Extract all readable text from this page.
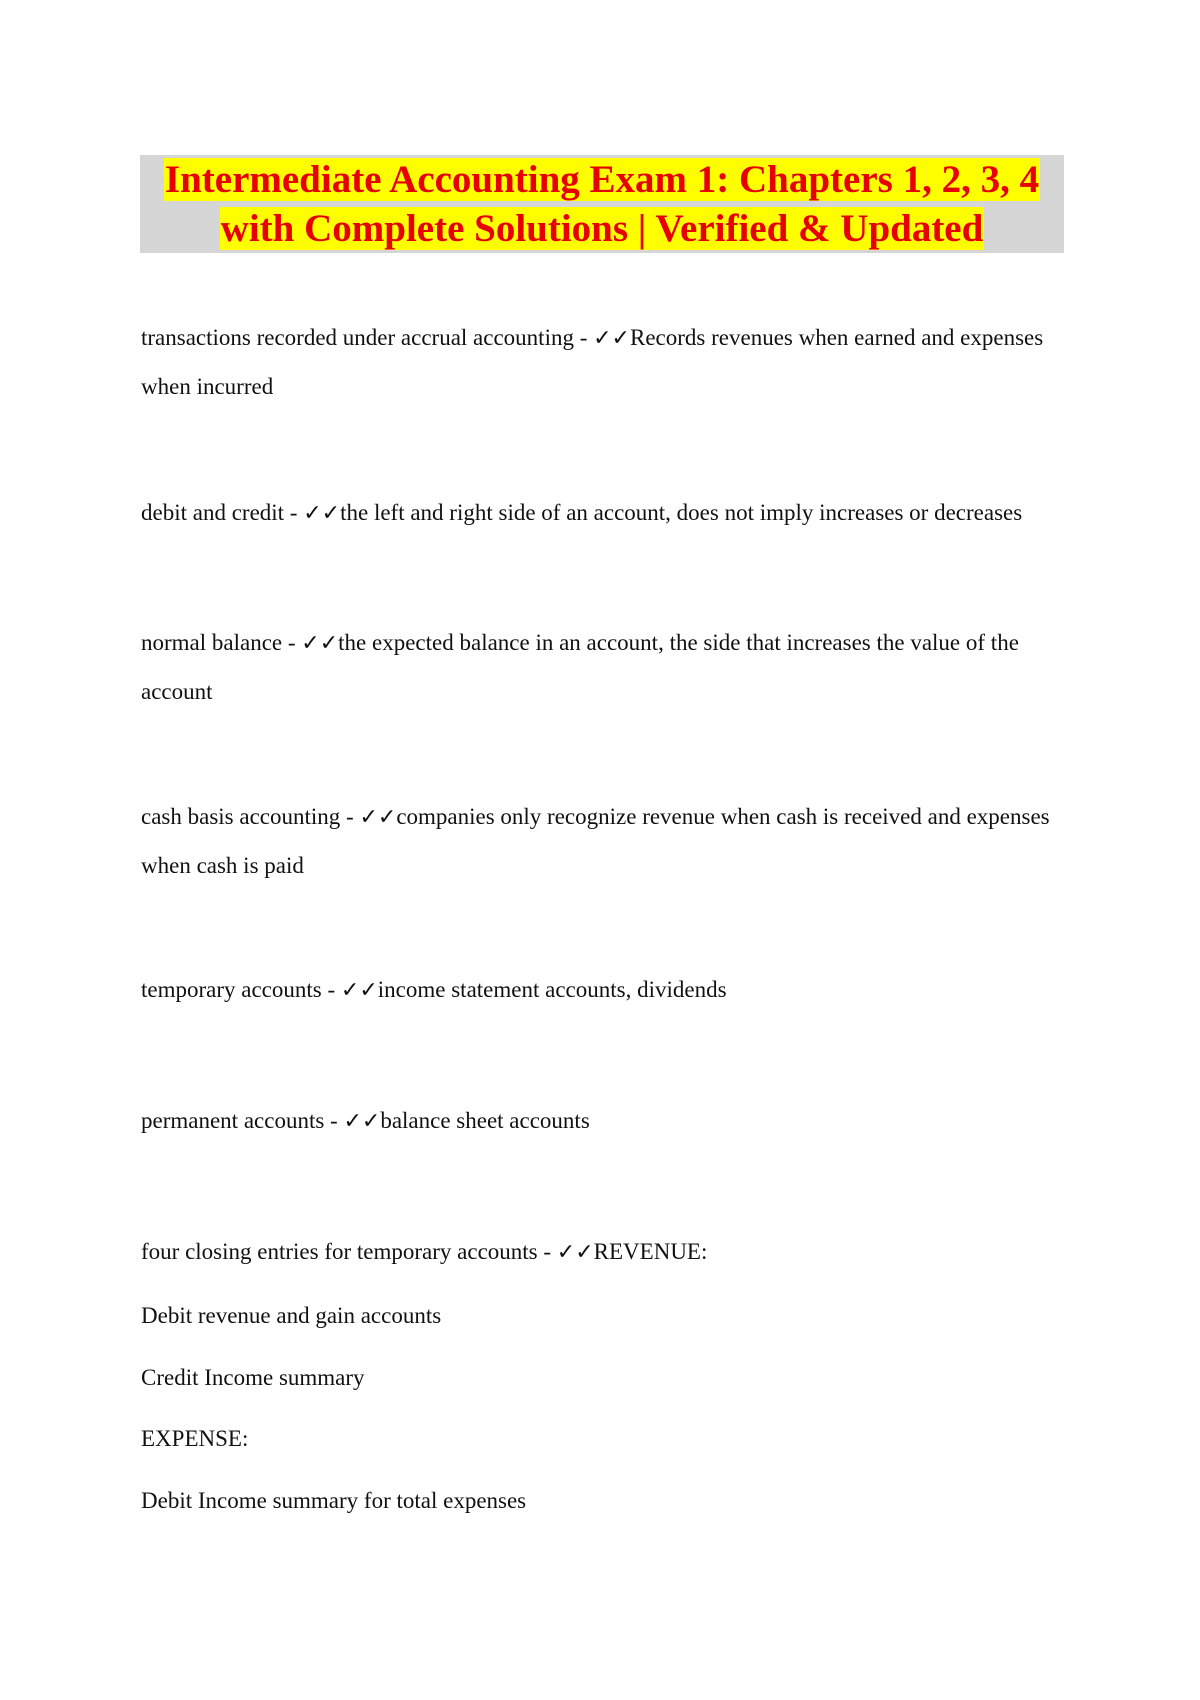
Intermediate Accounting Exam 1: Chapters 1, 2, 3, 4
with Complete Solutions | Verified & Updated

transactions recorded under accrual accounting - ✓✓Records revenues when earned and expenses when incurred

debit and credit - ✓✓the left and right side of an account, does not imply increases or decreases

normal balance - ✓✓the expected balance in an account, the side that increases the value of the account

cash basis accounting - ✓✓companies only recognize revenue when cash is received and expenses when cash is paid

temporary accounts - ✓✓income statement accounts, dividends

permanent accounts - ✓✓balance sheet accounts

four closing entries for temporary accounts - ✓✓REVENUE:

Debit revenue and gain accounts

Credit Income summary

EXPENSE:

Debit Income summary for total expenses
